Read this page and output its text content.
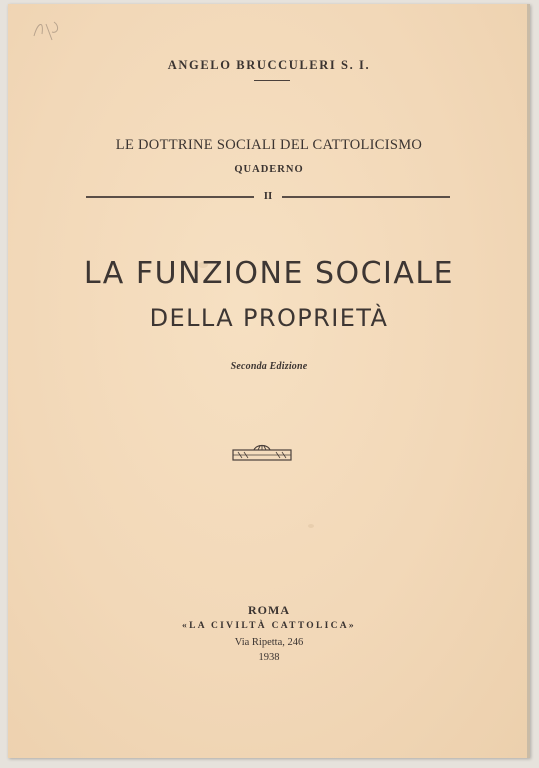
ANGELO BRUCCULERI S. I.
LE DOTTRINE SOCIALI DEL CATTOLICISMO
QUADERNO
II
LA FUNZIONE SOCIALE
DELLA PROPRIETÀ
Seconda Edizione
ROMA
«LA CIVILTÀ CATTOLICA»
Via Ripetta, 246
1938
